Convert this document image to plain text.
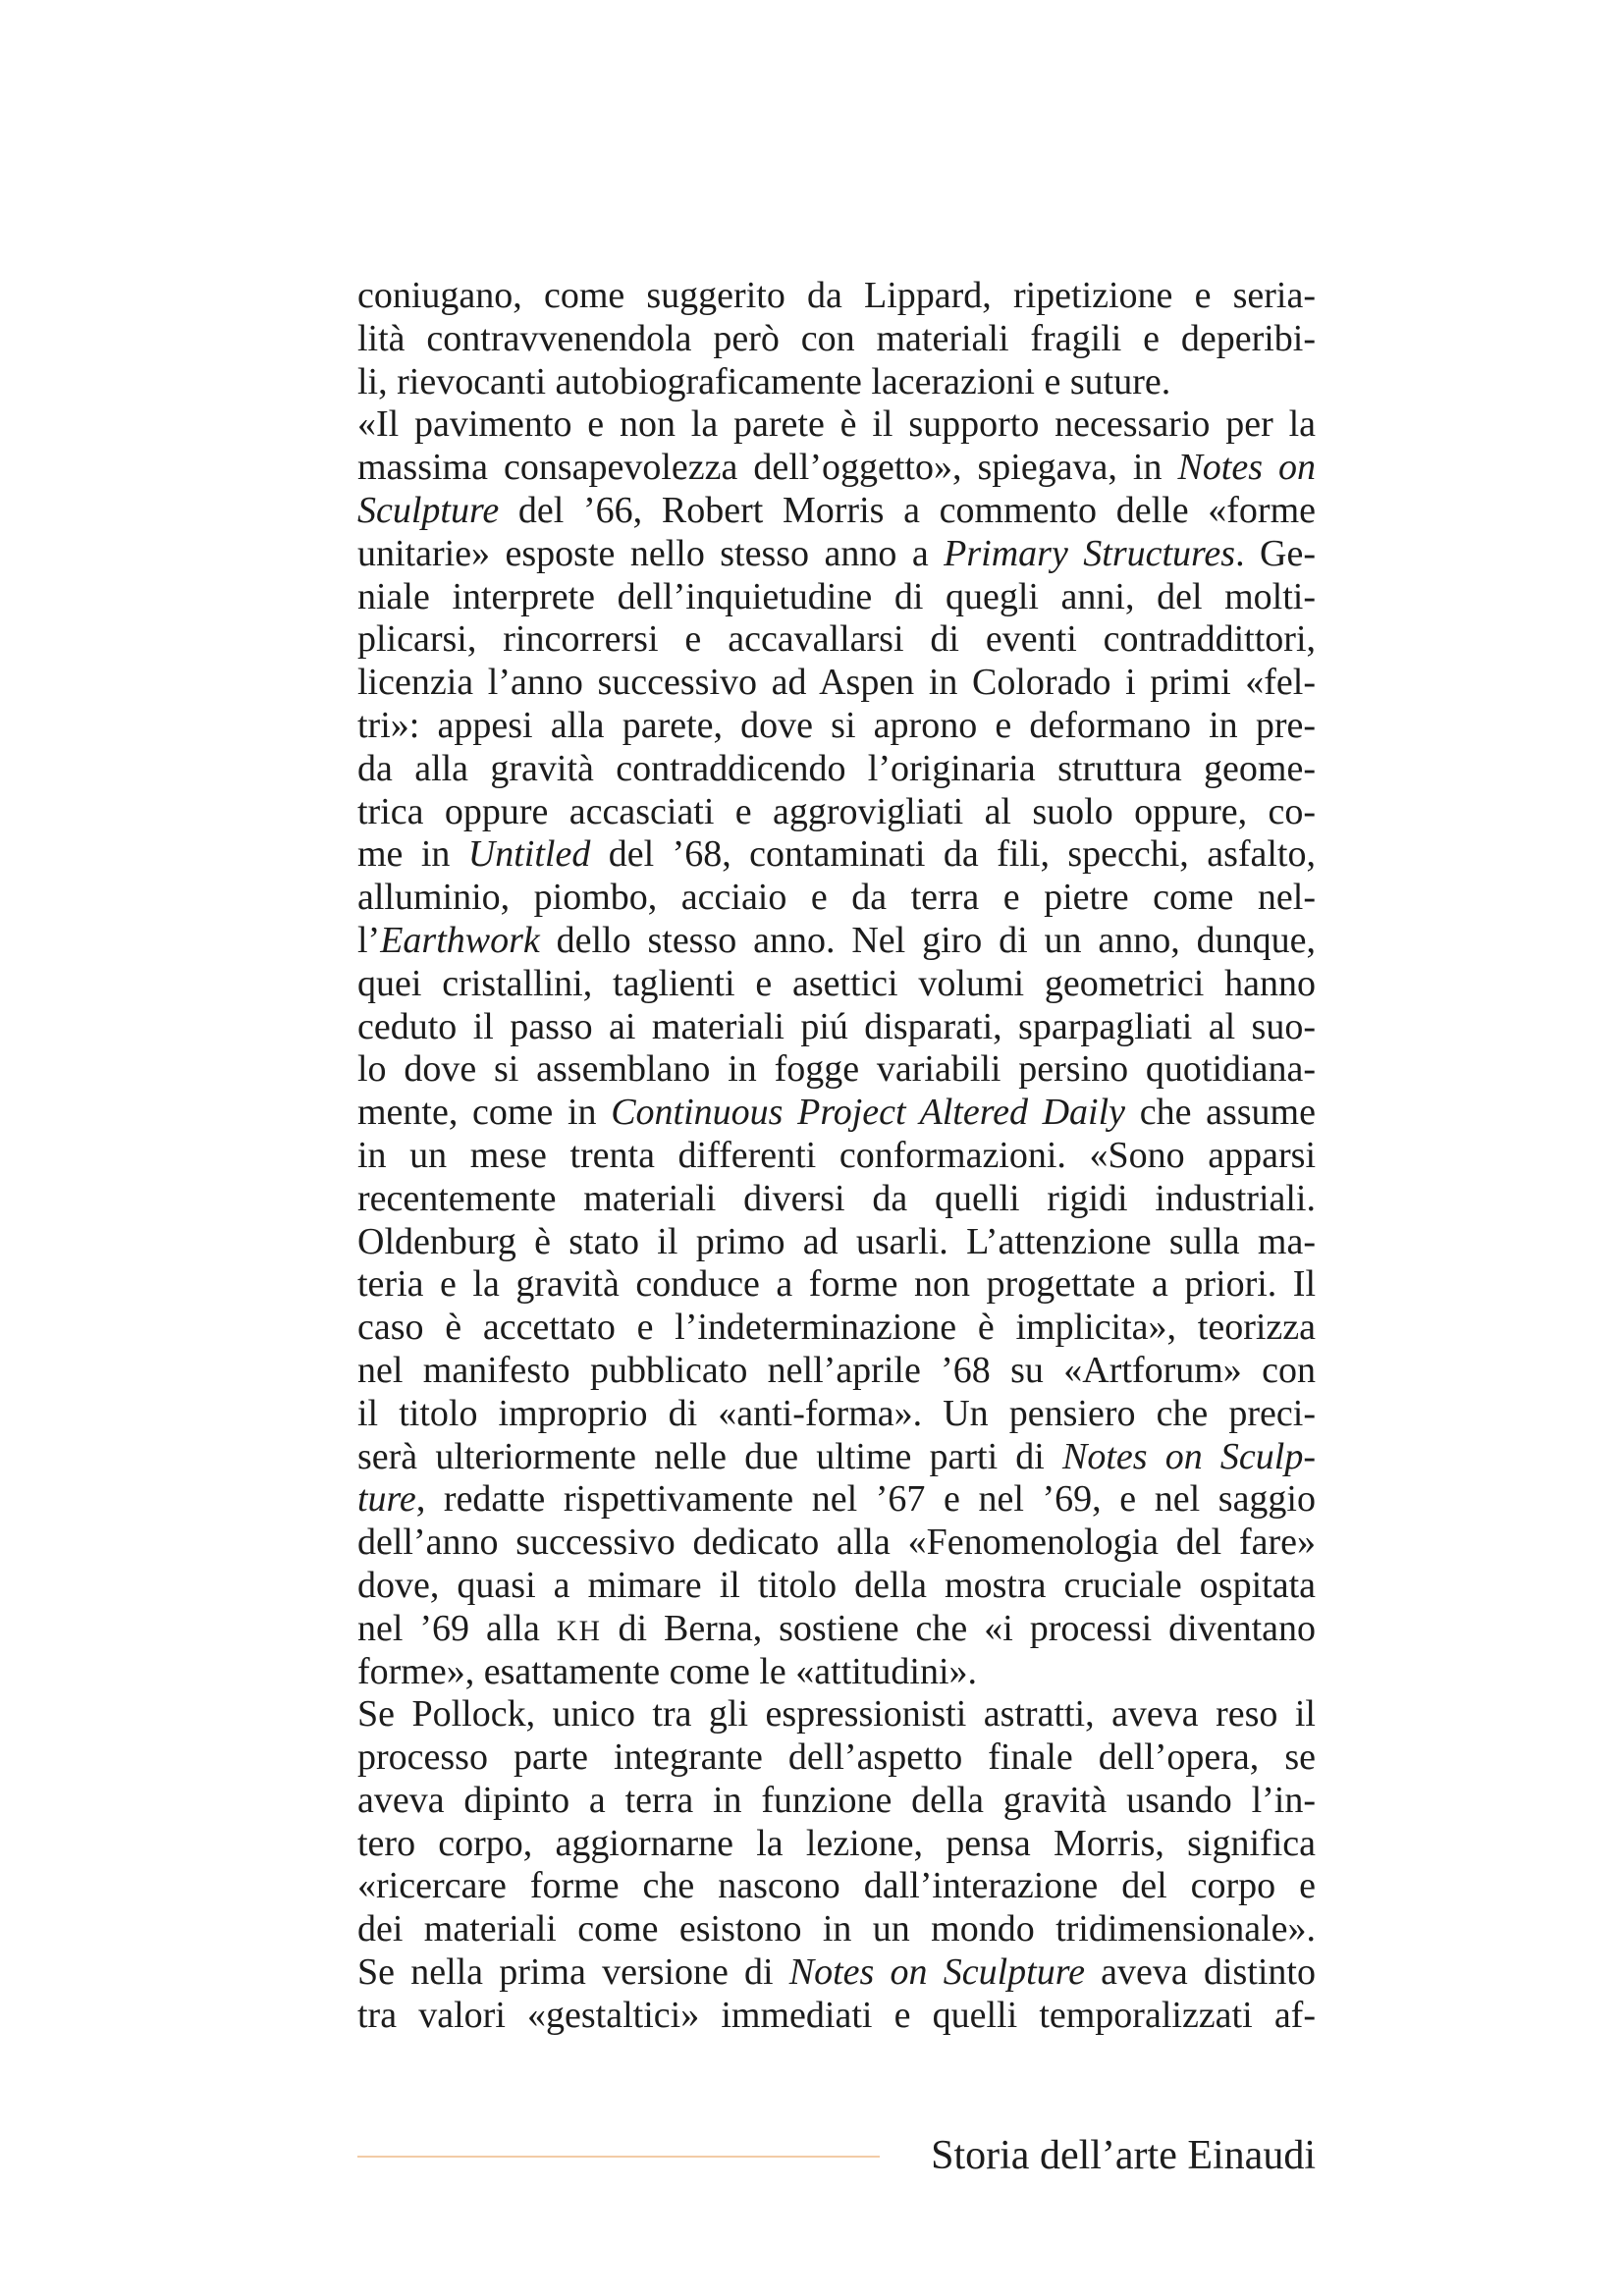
coniugano, come suggerito da Lippard, ripetizione e seria-
lità contravvenendola però con materiali fragili e deperibi-
li, rievocanti autobiograficamente lacerazioni e suture.
«Il pavimento e non la parete è il supporto necessario per la
massima consapevolezza dell’oggetto», spiegava, in Notes on
Sculpture del ’66, Robert Morris a commento delle «forme
unitarie» esposte nello stesso anno a Primary Structures. Ge-
niale interprete dell’inquietudine di quegli anni, del molti-
plicarsi, rincorrersi e accavallarsi di eventi contraddittori,
licenzia l’anno successivo ad Aspen in Colorado i primi «fel-
tri»: appesi alla parete, dove si aprono e deformano in pre-
da alla gravità contraddicendo l’originaria struttura geome-
trica oppure accasciati e aggrovigliati al suolo oppure, co-
me in Untitled del ’68, contaminati da fili, specchi, asfalto,
alluminio, piombo, acciaio e da terra e pietre come nel-
l’Earthwork dello stesso anno. Nel giro di un anno, dunque,
quei cristallini, taglienti e asettici volumi geometrici hanno
ceduto il passo ai materiali piú disparati, sparpagliati al suo-
lo dove si assemblano in fogge variabili persino quotidiana-
mente, come in Continuous Project Altered Daily che assume
in un mese trenta differenti conformazioni. «Sono apparsi
recentemente materiali diversi da quelli rigidi industriali.
Oldenburg è stato il primo ad usarli. L’attenzione sulla ma-
teria e la gravità conduce a forme non progettate a priori. Il
caso è accettato e l’indeterminazione è implicita», teorizza
nel manifesto pubblicato nell’aprile ’68 su «Artforum» con
il titolo improprio di «anti-forma». Un pensiero che preci-
serà ulteriormente nelle due ultime parti di Notes on Sculp-
ture, redatte rispettivamente nel ’67 e nel ’69, e nel saggio
dell’anno successivo dedicato alla «Fenomenologia del fare»
dove, quasi a mimare il titolo della mostra cruciale ospitata
nel ’69 alla KH di Berna, sostiene che «i processi diventano
forme», esattamente come le «attitudini».
Se Pollock, unico tra gli espressionisti astratti, aveva reso il
processo parte integrante dell’aspetto finale dell’opera, se
aveva dipinto a terra in funzione della gravità usando l’in-
tero corpo, aggiornarne la lezione, pensa Morris, significa
«ricercare forme che nascono dall’interazione del corpo e
dei materiali come esistono in un mondo tridimensionale».
Se nella prima versione di Notes on Sculpture aveva distinto
tra valori «gestaltici» immediati e quelli temporalizzati af-
Storia dell’arte Einaudi
